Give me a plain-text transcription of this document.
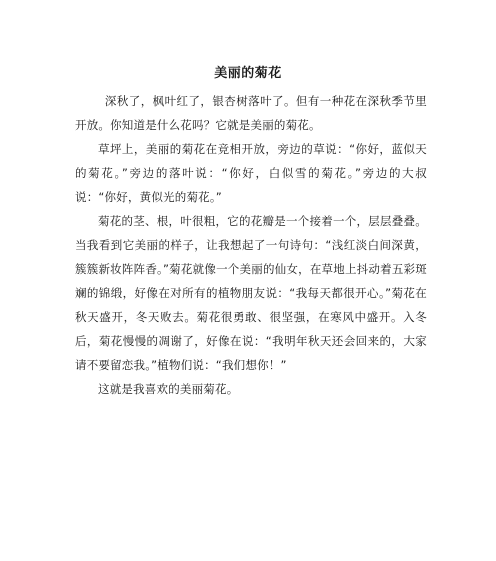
美丽的菊花

深秋了，枫叶红了，银杏树落叶了。但有一种花在深秋季节里开放。你知道是什么花吗？它就是美丽的菊花。

草坪上，美丽的菊花在竞相开放，旁边的草说：“你好，蓝似天的菊花。”旁边的落叶说：“你好，白似雪的菊花。”旁边的大叔说：“你好，黄似光的菊花。”

菊花的茎、根，叶很粗，它的花瓣是一个接着一个，层层叠叠。当我看到它美丽的样子，让我想起了一句诗句：“浅红淡白间深黄，簇簇新妆阵阵香。”菊花就像一个美丽的仙女，在草地上抖动着五彩斑斓的锦缎，好像在对所有的植物朋友说：“我每天都很开心。”菊花在秋天盛开，冬天败去。菊花很勇敢、很坚强，在寒风中盛开。入冬后，菊花慢慢的凋谢了，好像在说：“我明年秋天还会回来的，大家请不要留恋我。”植物们说：“我们想你！”

这就是我喜欢的美丽菊花。
